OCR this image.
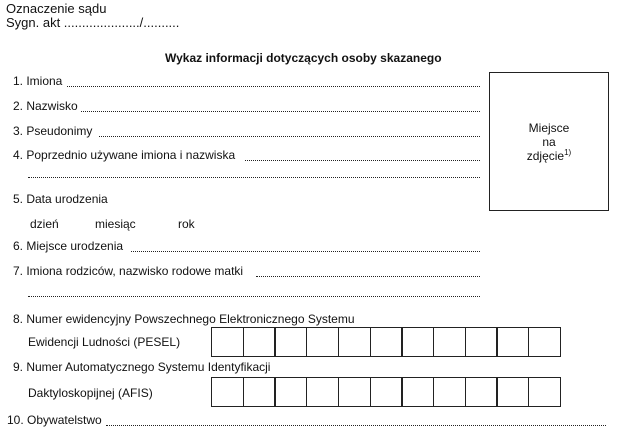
Oznaczenie sądu
Sygn. akt ...................../..........
Wykaz informacji dotyczących osoby skazanego
Miejsce
na
zdjęcie$^{1)}$
1. Imiona
2. Nazwisko
3. Pseudonimy
4. Poprzednio używane imiona i nazwiska
5. Data urodzenia
dzień	miesiąc	rok
6. Miejsce urodzenia
7. Imiona rodziców, nazwisko rodowe matki
8. Numer ewidencyjny Powszechnego Elektronicznego Systemu
Ewidencji Ludności (PESEL)
9. Numer Automatycznego Systemu Identyfikacji
Daktyloskopijnej (AFIS)
10. Obywatelstwo
